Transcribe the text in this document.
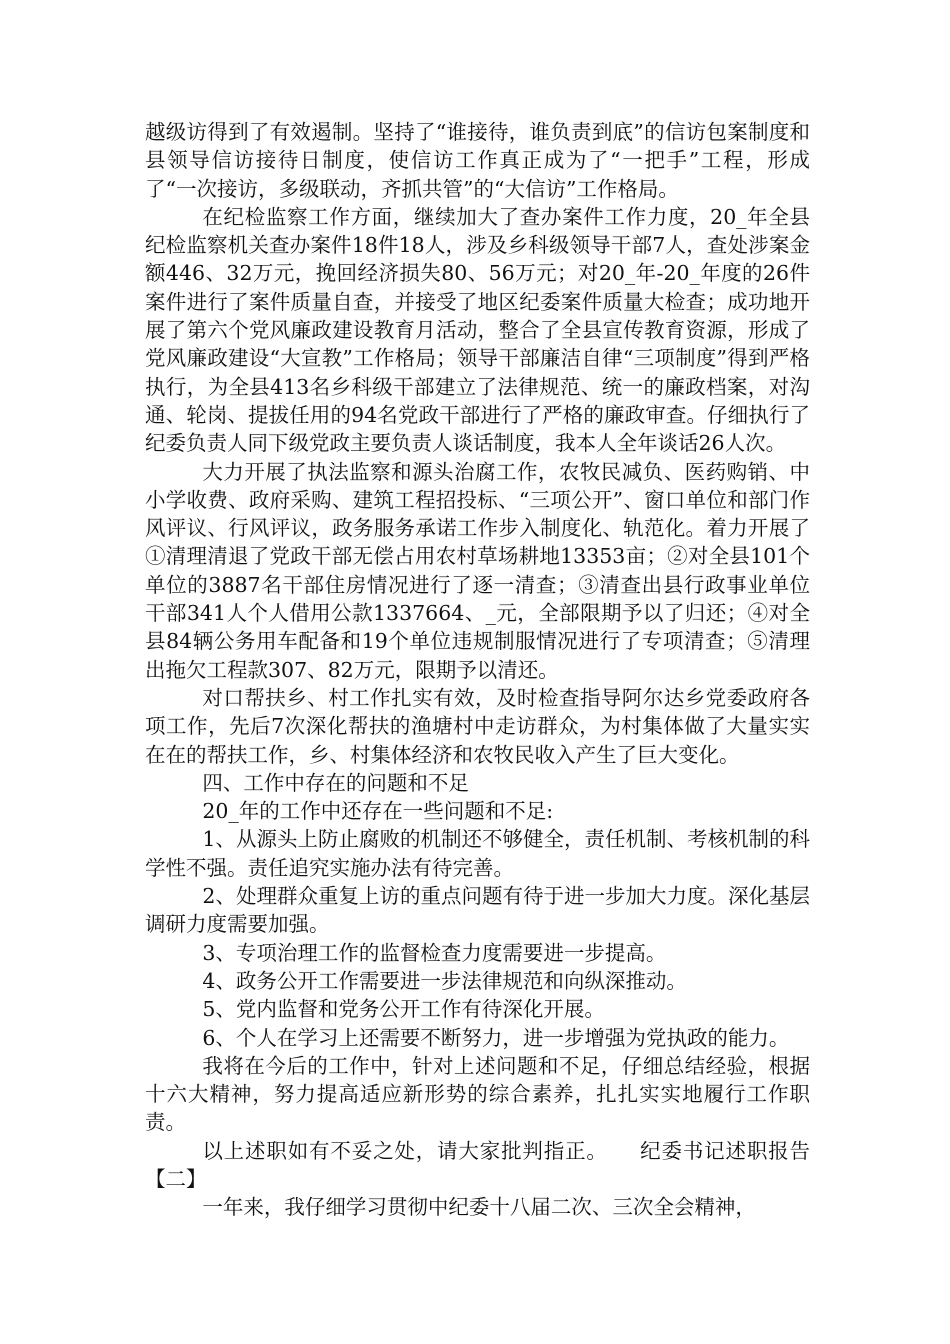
越级访得到了有效遏制。坚持了“谁接待，谁负责到底”的信访包案制度和县领导信访接待日制度，使信访工作真正成为了“一把手”工程，形成了“一次接访，多级联动，齐抓共管”的“大信访”工作格局。

在纪检监察工作方面，继续加大了查办案件工作力度，20_年全县纪检监察机关查办案件18件18人，涉及乡科级领导干部7人，查处涉案金额446、32万元，挽回经济损失80、56万元；对20_年-20_年度的26件案件进行了案件质量自查，并接受了地区纪委案件质量大检查；成功地开展了第六个党风廉政建设教育月活动，整合了全县宣传教育资源，形成了党风廉政建设“大宣教”工作格局；领导干部廉洁自律“三项制度”得到严格执行，为全县413名乡科级干部建立了法律规范、统一的廉政档案，对沟通、轮岗、提拔任用的94名党政干部进行了严格的廉政审查。仔细执行了纪委负责人同下级党政主要负责人谈话制度，我本人全年谈话26人次。

大力开展了执法监察和源头治腐工作，农牧民减负、医药购销、中小学收费、政府采购、建筑工程招投标、“三项公开”、窗口单位和部门作风评议、行风评议，政务服务承诺工作步入制度化、轨范化。着力开展了①清理清退了党政干部无偿占用农村草场耕地13353亩；②对全县101个单位的3887名干部住房情况进行了逐一清查；③清查出县行政事业单位干部341人个人借用公款1337664、_元，全部限期予以了归还；④对全县84辆公务用车配备和19个单位违规制服情况进行了专项清查；⑤清理出拖欠工程款307、82万元，限期予以清还。

对口帮扶乡、村工作扎实有效，及时检查指导阿尔达乡党委政府各项工作，先后7次深化帮扶的渔塘村中走访群众，为村集体做了大量实实在在的帮扶工作，乡、村集体经济和农牧民收入产生了巨大变化。

四、工作中存在的问题和不足

20_年的工作中还存在一些问题和不足:

1、从源头上防止腐败的机制还不够健全，责任机制、考核机制的科学性不强。责任追究实施办法有待完善。

2、处理群众重复上访的重点问题有待于进一步加大力度。深化基层调研力度需要加强。

3、专项治理工作的监督检查力度需要进一步提高。

4、政务公开工作需要进一步法律规范和向纵深推动。

5、党内监督和党务公开工作有待深化开展。

6、个人在学习上还需要不断努力，进一步增强为党执政的能力。

我将在今后的工作中，针对上述问题和不足，仔细总结经验，根据十六大精神，努力提高适应新形势的综合素养，扎扎实实地履行工作职责。

以上述职如有不妥之处，请大家批判指正。　　纪委书记述职报告【二】

一年来，我仔细学习贯彻中纪委十八届二次、三次全会精神，
